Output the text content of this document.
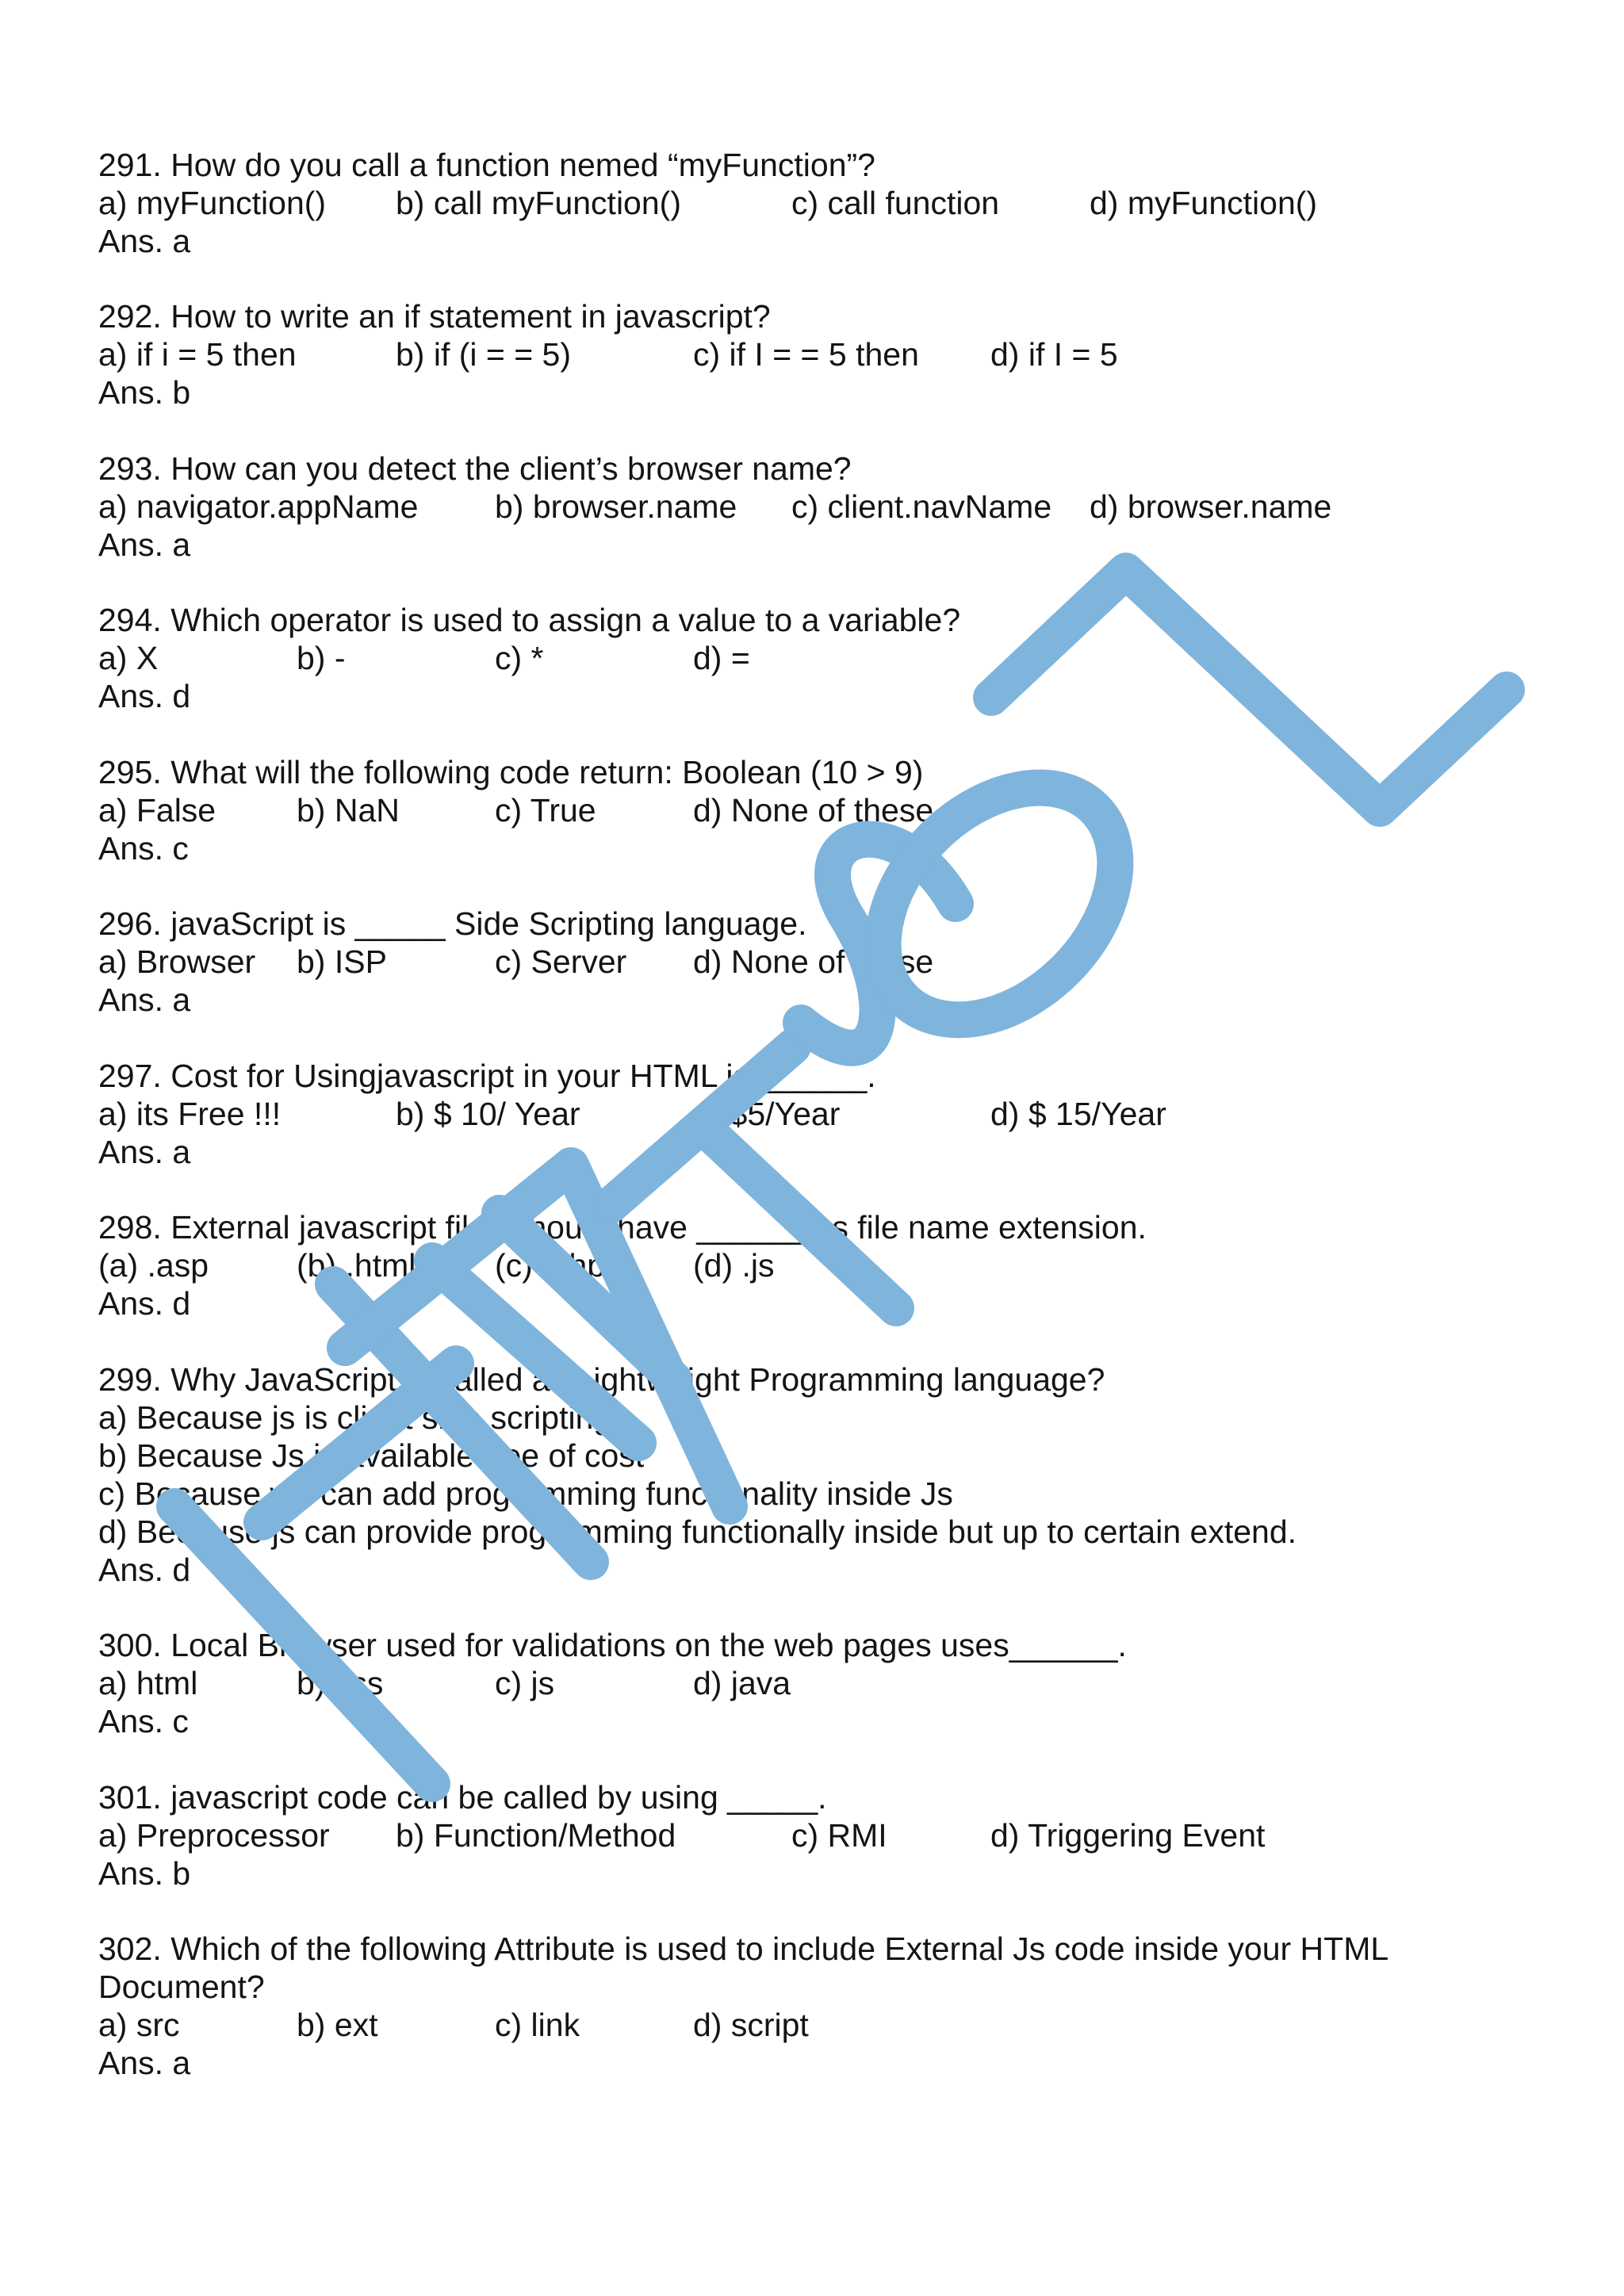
291. How do you call a function nemed “myFunction”?
a) myFunction() b) call myFunction()	c) call function	d) myFunction()
Ans. a
292. How to write an if statement in javascript?
a) if i = 5 then	b) if (i = = 5)	c) if I = = 5 then d) if I = 5
Ans. b
293. How can you detect the client’s browser name?
a) navigator.appName b) browser.name c) client.navName d) browser.name
Ans. a
294. Which operator is used to assign a value to a variable?
a) X	b) -	c) *	d) =
Ans. d
295. What will the following code return: Boolean (10 > 9)
a) False b) NaN	c) True	d) None of these
Ans. c
296. javaScript is _____ Side Scripting language.
a) Browser b) ISP	c) Server d) None of these
Ans. a
297. Cost for Usingjavascript in your HTML is ______.
a) its Free !!!	b) $ 10/ Year	c) $5/Year	d) $ 15/Year
Ans. a
298. External javascript files should have ______ as file name extension.
(a) .asp	(b) .html (c) .php	(d) .js
Ans. d
299. Why JavaScript is called as Lightweight Programming language?
a) Because js is client side scripting
b) Because Js is available free of cost
c) Because we can add programming functionality inside Js
d) Because js can provide programming functionally inside but up to certain extend.
Ans. d
300. Local Browser used for validations on the web pages uses______.
a) html	b) css	c) js	d) java
Ans. c
301. javascript code can be called by using _____.
a) Preprocessor b) Function/Method	c) RMI	d) Triggering Event
Ans. b
302. Which of the following Attribute is used to include External Js code inside your HTML Document?
a) src	b) ext	c) link	d) script
Ans. a
